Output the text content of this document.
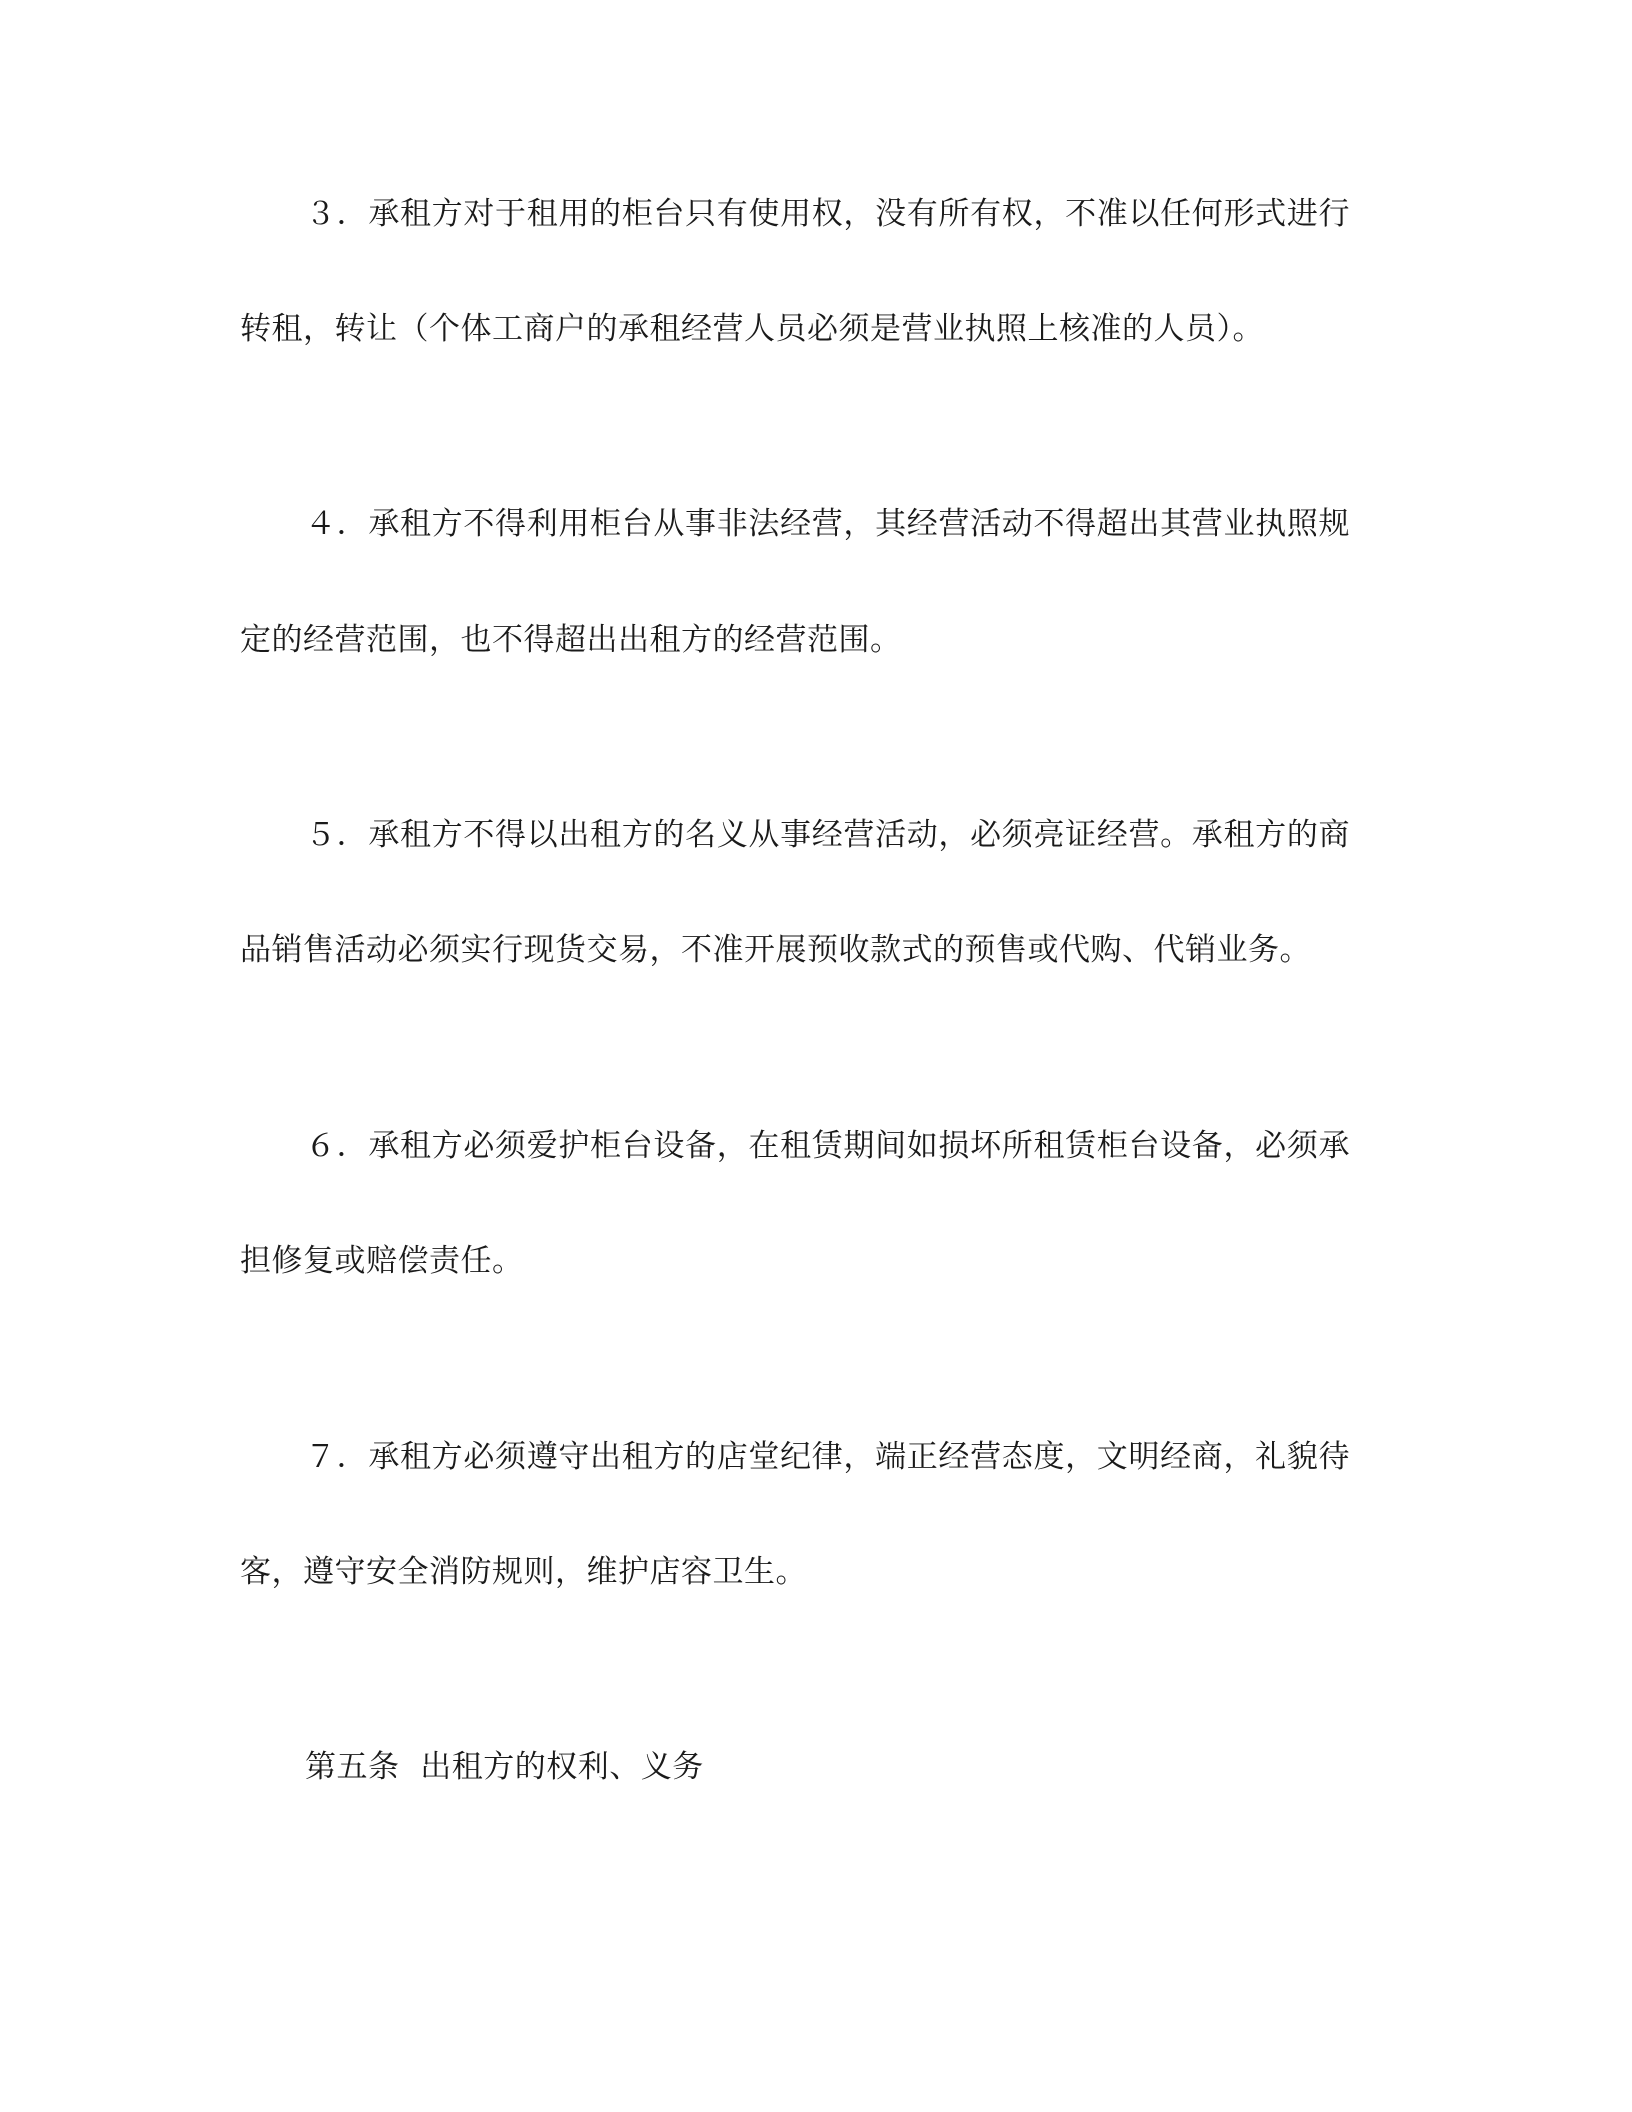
３．承租方对于租用的柜台只有使用权，没有所有权，不准以任何形式进行
转租，转让（个体工商户的承租经营人员必须是营业执照上核准的人员）。
４．承租方不得利用柜台从事非法经营，其经营活动不得超出其营业执照规
定的经营范围，也不得超出出租方的经营范围。
５．承租方不得以出租方的名义从事经营活动，必须亮证经营。承租方的商
品销售活动必须实行现货交易，不准开展预收款式的预售或代购、代销业务。
６．承租方必须爱护柜台设备，在租赁期间如损坏所租赁柜台设备，必须承
担修复或赔偿责任。
７．承租方必须遵守出租方的店堂纪律，端正经营态度，文明经商，礼貌待
客，遵守安全消防规则，维护店容卫生。
第五条  出租方的权利、义务
